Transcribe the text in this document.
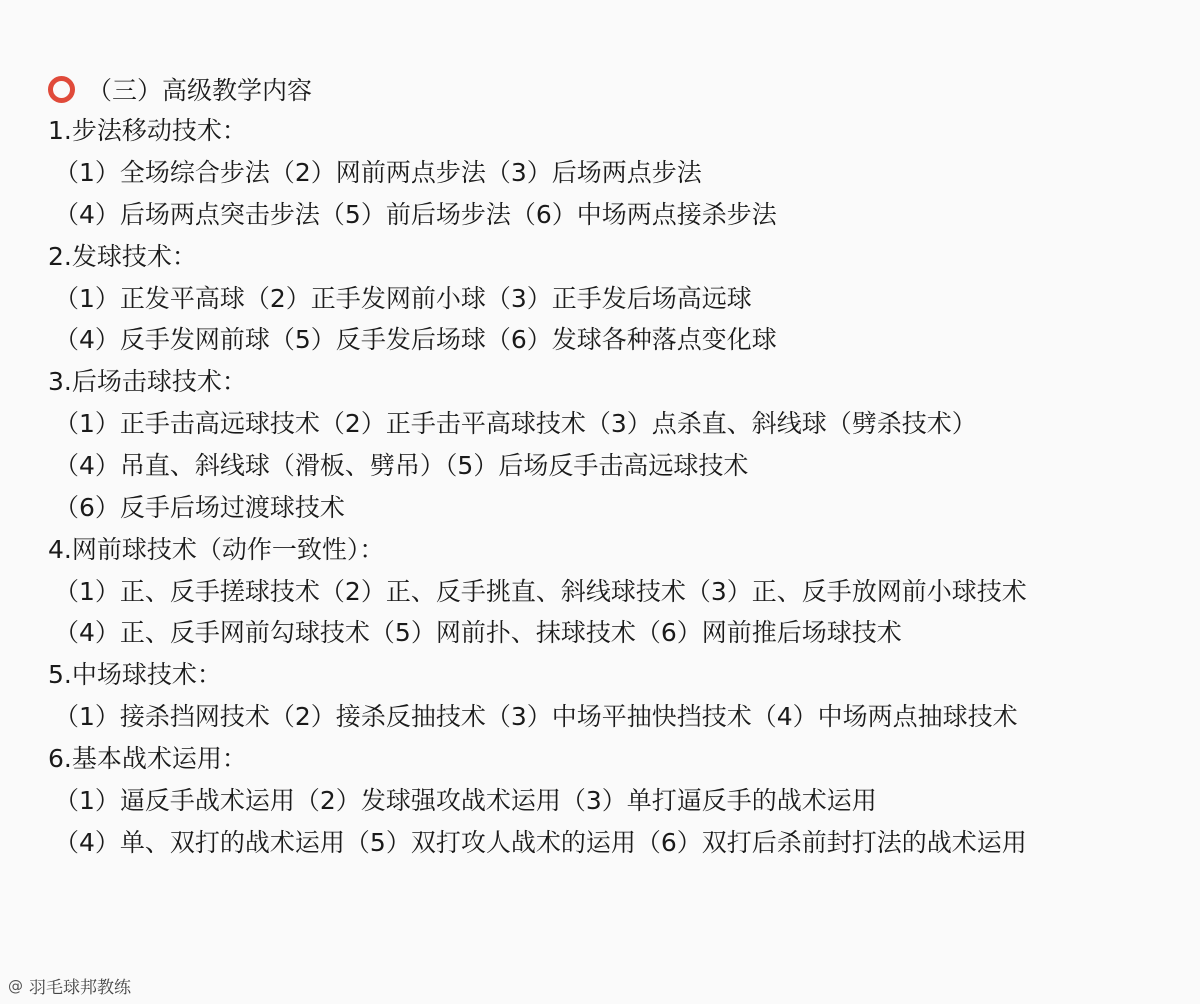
（三）高级教学内容
1.步法移动技术：
（1）全场综合步法（2）网前两点步法（3）后场两点步法
（4）后场两点突击步法（5）前后场步法（6）中场两点接杀步法
2.发球技术：
（1）正发平高球（2）正手发网前小球（3）正手发后场高远球
（4）反手发网前球（5）反手发后场球（6）发球各种落点变化球
3.后场击球技术：
（1）正手击高远球技术（2）正手击平高球技术（3）点杀直、斜线球（劈杀技术）
（4）吊直、斜线球（滑板、劈吊）（5）后场反手击高远球技术
（6）反手后场过渡球技术
4.网前球技术（动作一致性）：
（1）正、反手搓球技术（2）正、反手挑直、斜线球技术（3）正、反手放网前小球技术
（4）正、反手网前勾球技术（5）网前扑、抹球技术（6）网前推后场球技术
5.中场球技术：
（1）接杀挡网技术（2）接杀反抽技术（3）中场平抽快挡技术（4）中场两点抽球技术
6.基本战术运用：
（1）逼反手战术运用（2）发球强攻战术运用（3）单打逼反手的战术运用
（4）单、双打的战术运用（5）双打攻人战术的运用（6）双打后杀前封打法的战术运用
@ 羽毛球邦教练
